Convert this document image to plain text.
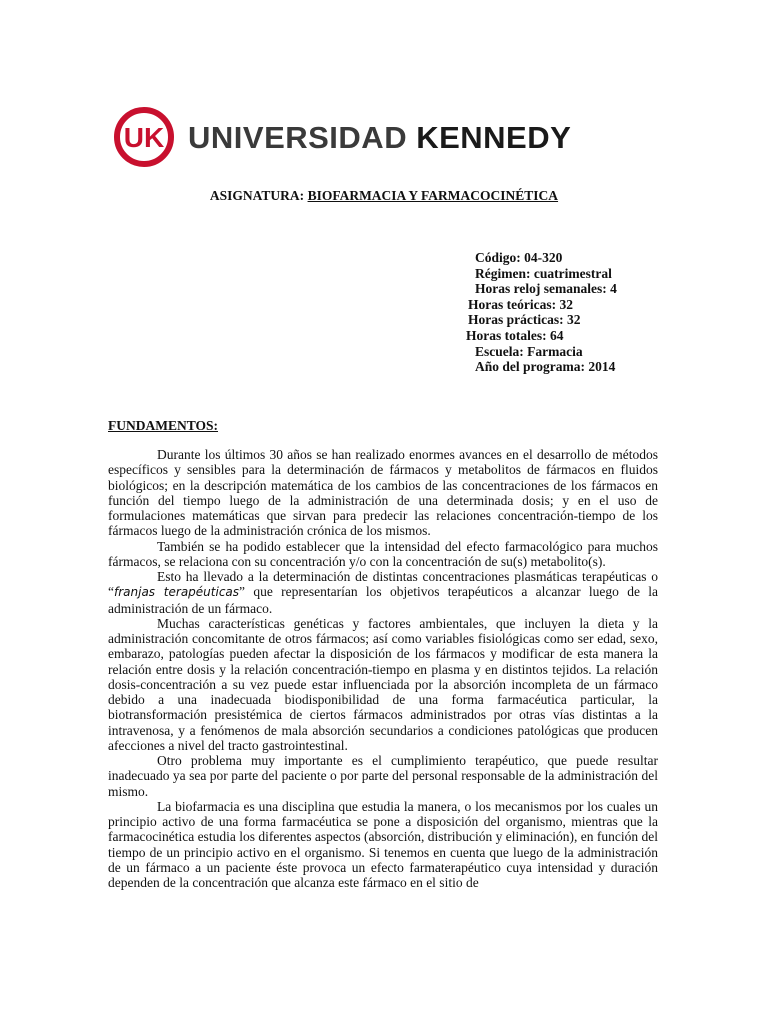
UK UNIVERSIDAD KENNEDY
ASIGNATURA: BIOFARMACIA Y FARMACOCINÉTICA
Código: 04-320
Régimen: cuatrimestral
Horas reloj semanales: 4
Horas teóricas: 32
Horas prácticas: 32
Horas totales: 64
Escuela: Farmacia
Año del programa: 2014
FUNDAMENTOS:

Durante los últimos 30 años se han realizado enormes avances en el desarrollo de métodos específicos y sensibles para la determinación de fármacos y metabolitos de fármacos en fluidos biológicos; en la descripción matemática de los cambios de las concentraciones de los fármacos en función del tiempo luego de la administración de una determinada dosis; y en el uso de formulaciones matemáticas que sirvan para predecir las relaciones concentración-tiempo de los fármacos luego de la administración crónica de los mismos.

También se ha podido establecer que la intensidad del efecto farmacológico para muchos fármacos, se relaciona con su concentración y/o con la concentración de su(s) metabolito(s).

Esto ha llevado a la determinación de distintas concentraciones plasmáticas terapéuticas o “franjas terapéuticas” que representarían los objetivos terapéuticos a alcanzar luego de la administración de un fármaco.

Muchas características genéticas y factores ambientales, que incluyen la dieta y la administración concomitante de otros fármacos; así como variables fisiológicas como ser edad, sexo, embarazo, patologías pueden afectar la disposición de los fármacos y modificar de esta manera la relación entre dosis y la relación concentración-tiempo en plasma y en distintos tejidos. La relación dosis-concentración a su vez puede estar influenciada por la absorción incompleta de un fármaco debido a una inadecuada biodisponibilidad de una forma farmacéutica particular, la biotransformación presistémica de ciertos fármacos administrados por otras vías distintas a la intravenosa, y a fenómenos de mala absorción secundarios a condiciones patológicas que producen afecciones a nivel del tracto gastrointestinal.

Otro problema muy importante es el cumplimiento terapéutico, que puede resultar inadecuado ya sea por parte del paciente o por parte del personal responsable de la administración del mismo.

La biofarmacia es una disciplina que estudia la manera, o los mecanismos por los cuales un principio activo de una forma farmacéutica se pone a disposición del organismo, mientras que la farmacocinética estudia los diferentes aspectos (absorción, distribución y eliminación), en función del tiempo de un principio activo en el organismo. Si tenemos en cuenta que luego de la administración de un fármaco a un paciente éste provoca un efecto farmaterapéutico cuya intensidad y duración dependen de la concentración que alcanza este fármaco en el sitio de
